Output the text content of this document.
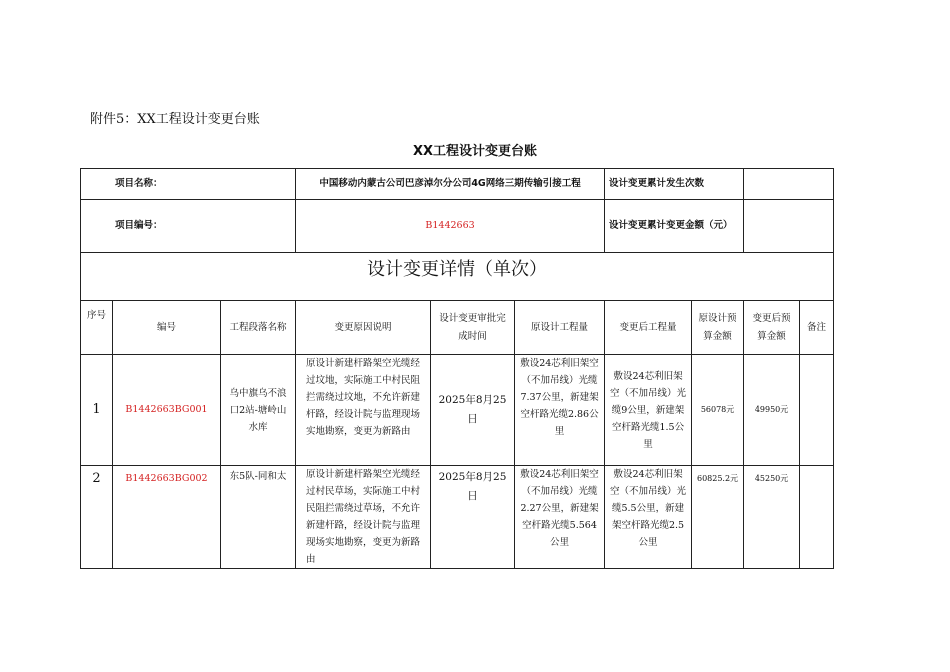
附件5：XX工程设计变更台账
XX工程设计变更台账
项目名称：			中国移动内蒙古公司巴彦淖尔分公司4G网络三期传输引接工程			设计变更累计发生次数			
项目编号：			B1442663			设计变更累计变更金额（元）			
设计变更详情（单次）									
序号	编号	工程段落名称	变更原因说明	设计变更审批完成时间	原设计工程量	变更后工程量	原设计预算金额	变更后预算金额	备注
1	B1442663BG001	乌中旗乌不浪口2站-塘岭山水库	原设计新建杆路架空光缆经过坟地，实际施工中村民阻拦需绕过坟地，不允许新建杆路，经设计院与监理现场实地勘察，变更为新路由	2025年8月25日	敷设24芯利旧架空（不加吊线）光缆7.37公里，新建架空杆路光缆2.86公里	敷设24芯利旧架空（不加吊线）光缆9公里，新建架空杆路光缆1.5公里	56078元	49950元	
2	B1442663BG002	东5队-同和太	原设计新建杆路架空光缆经过村民草场，实际施工中村民阻拦需绕过草场，不允许新建杆路，经设计院与监理现场实地勘察，变更为新路由	2025年8月25日	敷设24芯利旧架空（不加吊线）光缆2.27公里，新建架空杆路光缆5.564公里	敷设24芯利旧架空（不加吊线）光缆5.5公里，新建架空杆路光缆2.5公里	60825.2元	45250元	
